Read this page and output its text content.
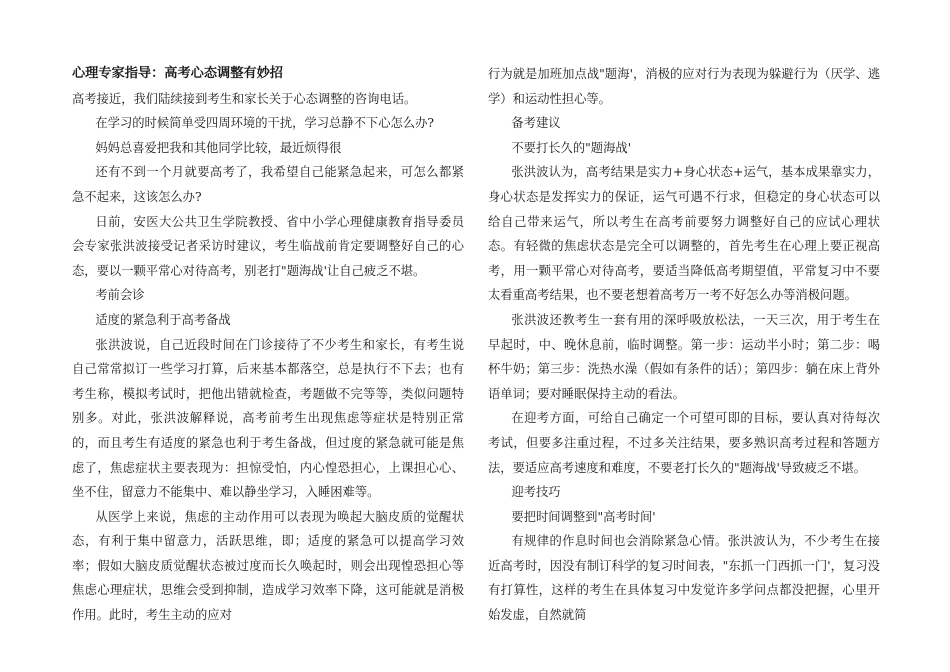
心理专家指导：高考心态调整有妙招

高考接近，我们陆续接到考生和家长关于心态调整的咨询电话。

在学习的时候简单受四周环境的干扰，学习总静不下心怎么办?

妈妈总喜爱把我和其他同学比较，最近烦得很

还有不到一个月就要高考了，我希望自己能紧急起来，可怎么都紧急不起来，这该怎么办?

日前，安医大公共卫生学院教授、省中小学心理健康教育指导委员会专家张洪波接受记者采访时建议，考生临战前肯定要调整好自己的心态，要以一颗平常心对待高考，别老打"题海战'让自己疲乏不堪。

考前会诊

适度的紧急利于高考备战

张洪波说，自己近段时间在门诊接待了不少考生和家长，有考生说自己常常拟订一些学习打算，后来基本都落空，总是执行不下去；也有考生称，模拟考试时，把他出错就检查，考题做不完等等，类似问题特别多。对此，张洪波解释说，高考前考生出现焦虑等症状是特别正常的，而且考生有适度的紧急也利于考生备战，但过度的紧急就可能是焦虑了，焦虑症状主要表现为：担惊受怕，内心惶恐担心，上课担心心、坐不住，留意力不能集中、难以静坐学习，入睡困难等。

从医学上来说，焦虑的主动作用可以表现为唤起大脑皮质的觉醒状态，有利于集中留意力，活跃思维，即；适度的紧急可以提高学习效率；假如大脑皮质觉醒状态被过度而长久唤起时，则会出现惶恐担心等焦虑心理症状，思维会受到抑制，造成学习效率下降，这可能就是消极作用。此时，考生主动的应对

行为就是加班加点战"题海'，消极的应对行为表现为躲避行为（厌学、逃学）和运动性担心等。

备考建议

不要打长久的"题海战'

张洪波认为，高考结果是实力+身心状态+运气，基本成果靠实力，身心状态是发挥实力的保证，运气可遇不行求，但稳定的身心状态可以给自己带来运气，所以考生在高考前要努力调整好自己的应试心理状态。有轻微的焦虑状态是完全可以调整的，首先考生在心理上要正视高考，用一颗平常心对待高考，要适当降低高考期望值，平常复习中不要太看重高考结果，也不要老想着高考万一考不好怎么办等消极问题。

张洪波还教考生一套有用的深呼吸放松法，一天三次，用于考生在早起时，中、晚休息前，临时调整。第一步：运动半小时；第二步：喝杯牛奶；第三步：洗热水澡（假如有条件的话）；第四步：躺在床上背外语单词；要对睡眠保持主动的看法。

在迎考方面，可给自己确定一个可望可即的目标，要认真对待每次考试，但要多注重过程，不过多关注结果，要多熟识高考过程和答题方法，要适应高考速度和难度，不要老打长久的"题海战'导致疲乏不堪。

迎考技巧

要把时间调整到"高考时间'

有规律的作息时间也会消除紧急心情。张洪波认为，不少考生在接近高考时，因没有制订科学的复习时间表，"东抓一门西抓一门'，复习没有打算性，这样的考生在具体复习中发觉许多学问点都没把握，心里开始发虚，自然就简
